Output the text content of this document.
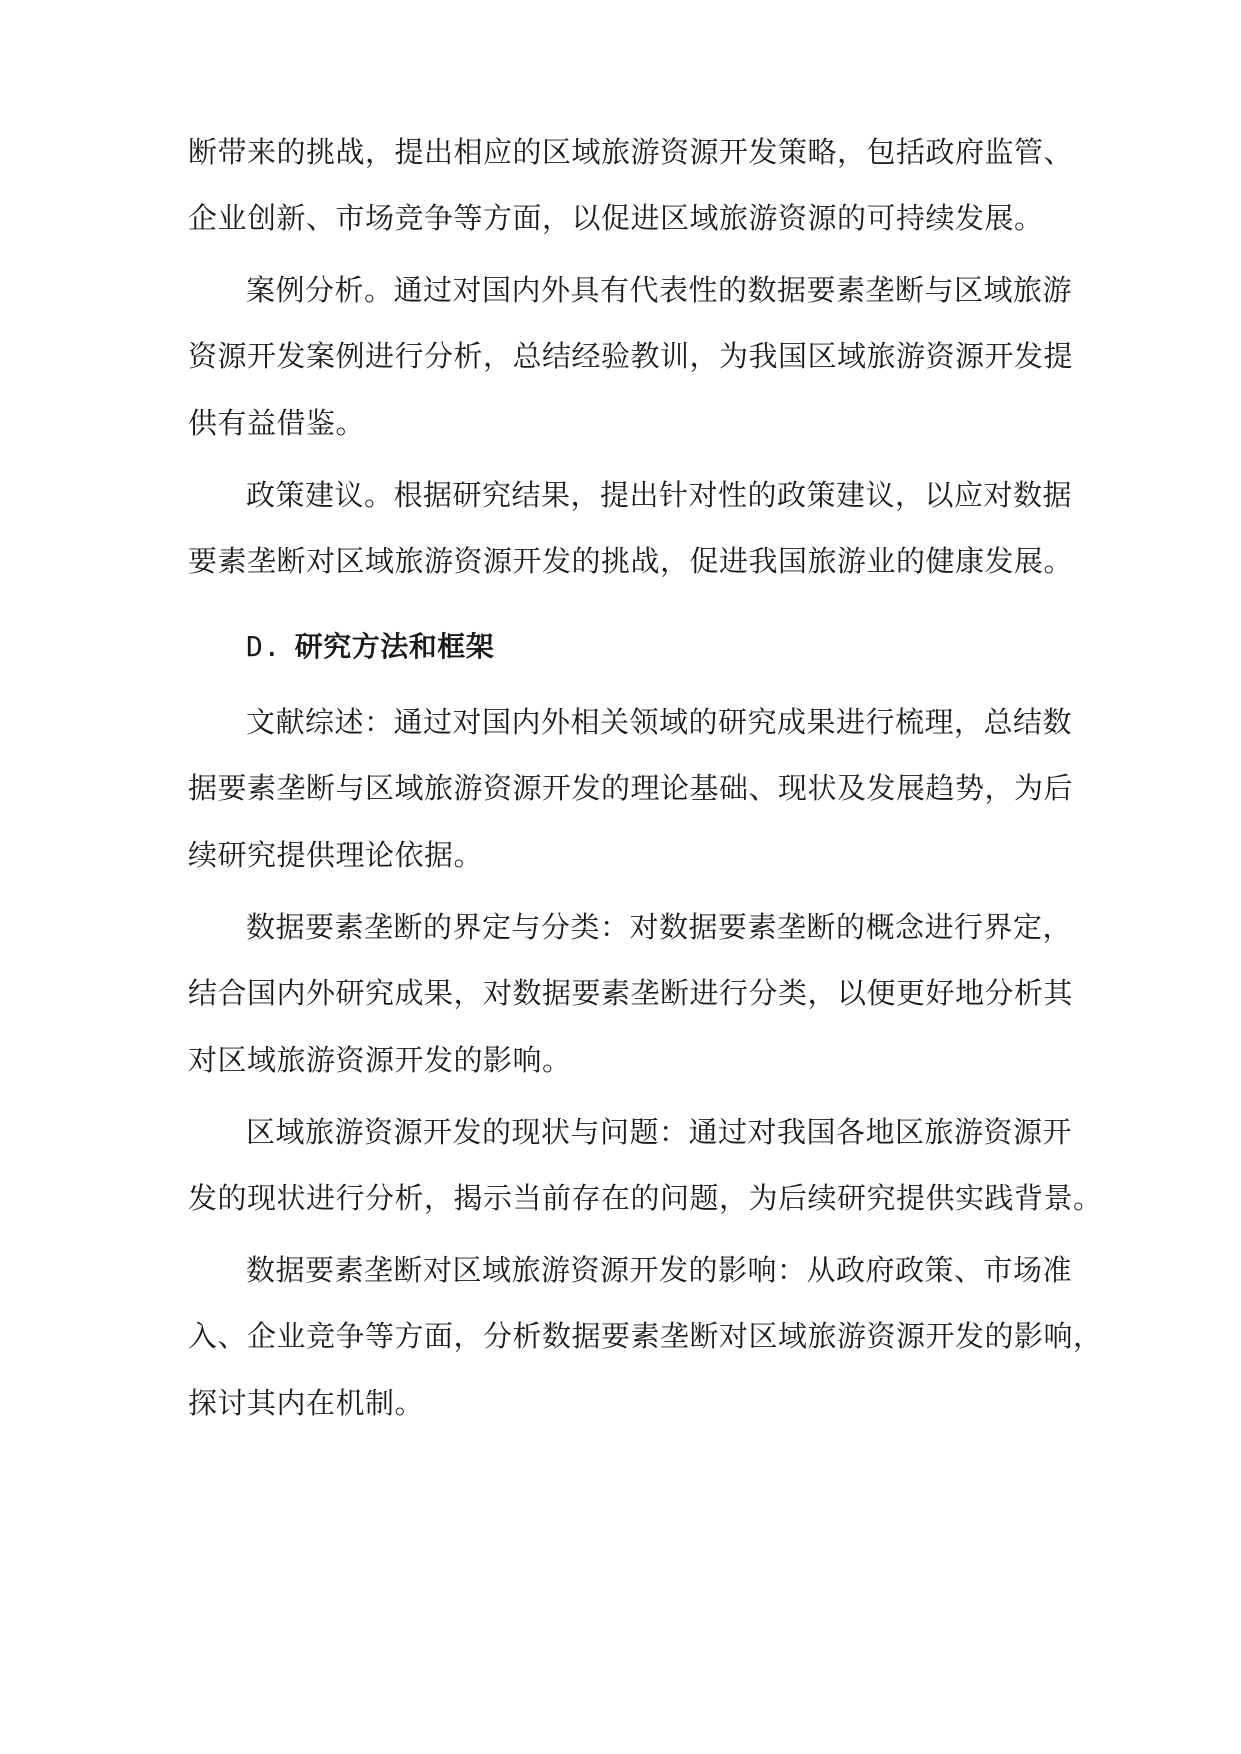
断带来的挑战，提出相应的区域旅游资源开发策略，包括政府监管、
企业创新、市场竞争等方面，以促进区域旅游资源的可持续发展。
案例分析。通过对国内外具有代表性的数据要素垄断与区域旅游
资源开发案例进行分析，总结经验教训，为我国区域旅游资源开发提
供有益借鉴。
政策建议。根据研究结果，提出针对性的政策建议，以应对数据
要素垄断对区域旅游资源开发的挑战，促进我国旅游业的健康发展。
D. 研究方法和框架
文献综述：通过对国内外相关领域的研究成果进行梳理，总结数
据要素垄断与区域旅游资源开发的理论基础、现状及发展趋势，为后
续研究提供理论依据。
数据要素垄断的界定与分类：对数据要素垄断的概念进行界定，
结合国内外研究成果，对数据要素垄断进行分类，以便更好地分析其
对区域旅游资源开发的影响。
区域旅游资源开发的现状与问题：通过对我国各地区旅游资源开
发的现状进行分析，揭示当前存在的问题，为后续研究提供实践背景。
数据要素垄断对区域旅游资源开发的影响：从政府政策、市场准
入、企业竞争等方面，分析数据要素垄断对区域旅游资源开发的影响，
探讨其内在机制。
